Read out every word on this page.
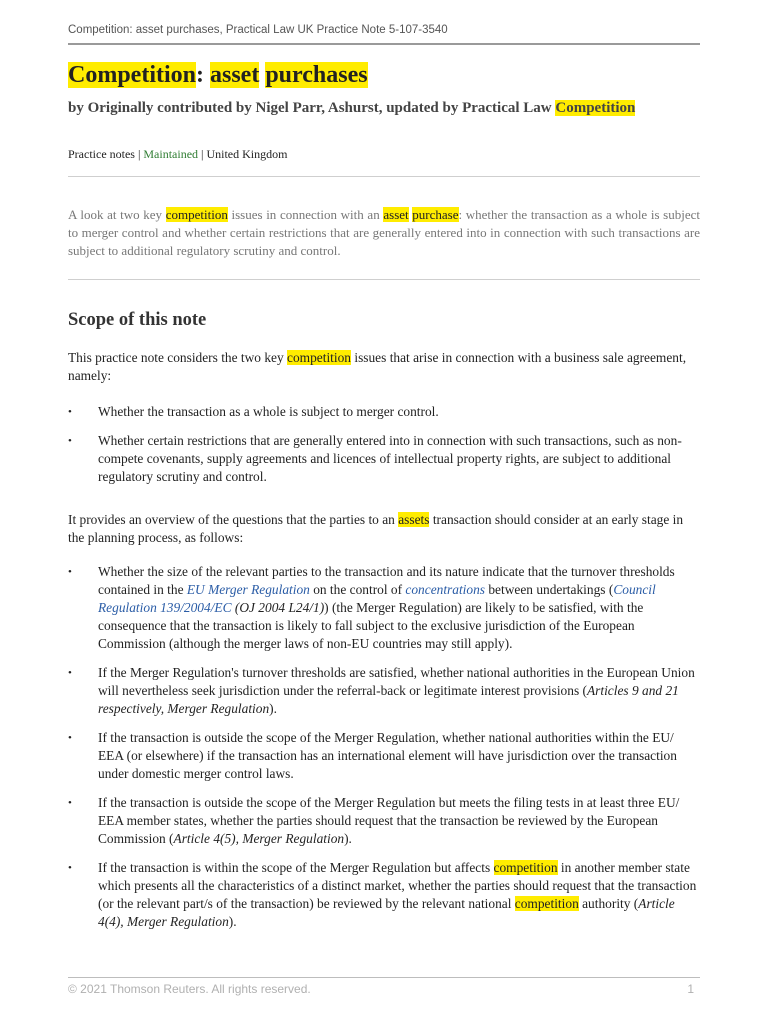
Competition: asset purchases, Practical Law UK Practice Note 5-107-3540
Competition: asset purchases
by Originally contributed by Nigel Parr, Ashurst, updated by Practical Law Competition
Practice notes | Maintained | United Kingdom
A look at two key competition issues in connection with an asset purchase: whether the transaction as a whole is subject to merger control and whether certain restrictions that are generally entered into in connection with such transactions are subject to additional regulatory scrutiny and control.
Scope of this note
This practice note considers the two key competition issues that arise in connection with a business sale agreement, namely:
• Whether the transaction as a whole is subject to merger control.
• Whether certain restrictions that are generally entered into in connection with such transactions, such as non-compete covenants, supply agreements and licences of intellectual property rights, are subject to additional regulatory scrutiny and control.
It provides an overview of the questions that the parties to an assets transaction should consider at an early stage in the planning process, as follows:
• Whether the size of the relevant parties to the transaction and its nature indicate that the turnover thresholds contained in the EU Merger Regulation on the control of concentrations between undertakings (Council Regulation 139/2004/EC (OJ 2004 L24/1)) (the Merger Regulation) are likely to be satisfied, with the consequence that the transaction is likely to fall subject to the exclusive jurisdiction of the European Commission (although the merger laws of non-EU countries may still apply).
• If the Merger Regulation's turnover thresholds are satisfied, whether national authorities in the European Union will nevertheless seek jurisdiction under the referral-back or legitimate interest provisions (Articles 9 and 21 respectively, Merger Regulation).
• If the transaction is outside the scope of the Merger Regulation, whether national authorities within the EU/ EEA (or elsewhere) if the transaction has an international element will have jurisdiction over the transaction under domestic merger control laws.
• If the transaction is outside the scope of the Merger Regulation but meets the filing tests in at least three EU/ EEA member states, whether the parties should request that the transaction be reviewed by the European Commission (Article 4(5), Merger Regulation).
• If the transaction is within the scope of the Merger Regulation but affects competition in another member state which presents all the characteristics of a distinct market, whether the parties should request that the transaction (or the relevant part/s of the transaction) be reviewed by the relevant national competition authority (Article 4(4), Merger Regulation).
© 2021 Thomson Reuters. All rights reserved.	1
